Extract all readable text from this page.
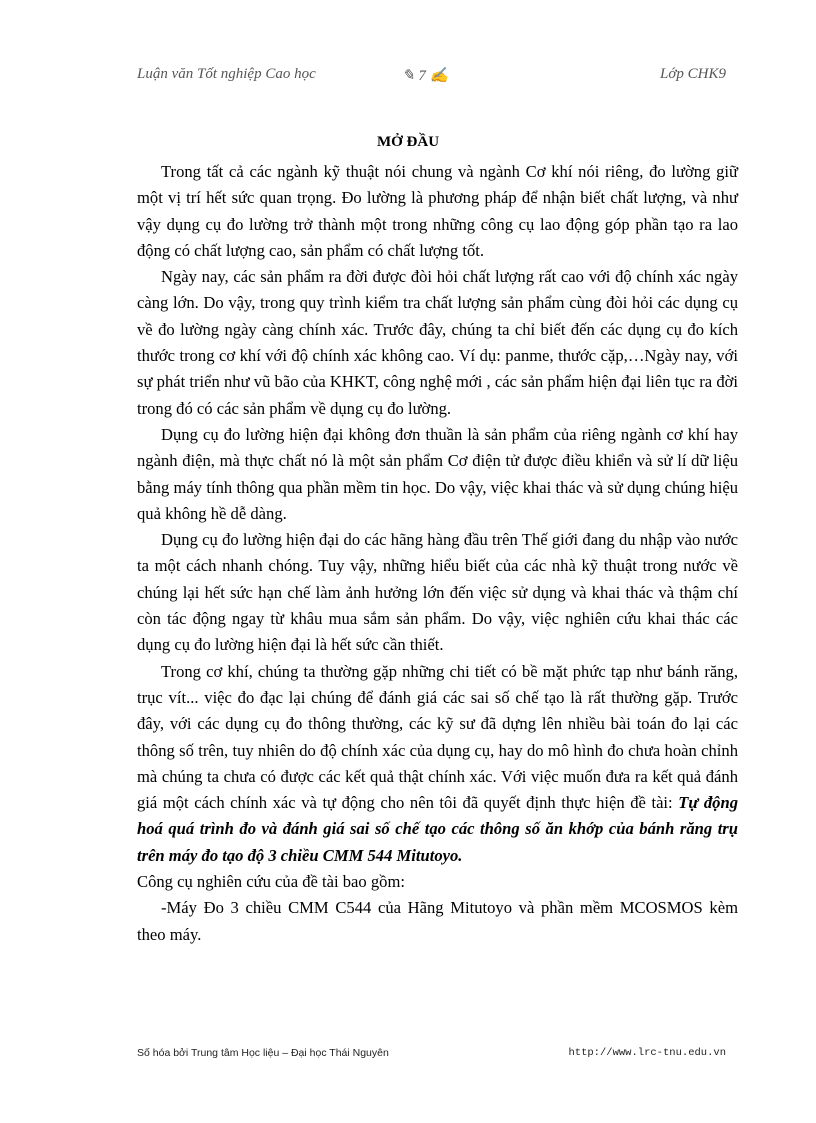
Luận văn Tốt nghiệp Cao học	✎ 7 ✍	Lớp CHK9
MỞ ĐẦU

Trong tất cả các ngành kỹ thuật nói chung và ngành Cơ khí nói riêng, đo lường giữ một vị trí hết sức quan trọng. Đo lường là phương pháp để nhận biết chất lượng, và như vậy dụng cụ đo lường trở thành một trong những công cụ lao động góp phần tạo ra lao động có chất lượng cao, sản phẩm có chất lượng tốt.

Ngày nay, các sản phẩm ra đời được đòi hỏi chất lượng rất cao với độ chính xác ngày càng lớn. Do vậy, trong quy trình kiểm tra chất lượng sản phẩm cùng đòi hỏi các dụng cụ về đo lường ngày càng chính xác. Trước đây, chúng ta chỉ biết đến các dụng cụ đo kích thước trong cơ khí với độ chính xác không cao. Ví dụ: panme, thước cặp,…Ngày nay, với sự phát triển như vũ bão của KHKT, công nghệ mới , các sản phẩm hiện đại liên tục ra đời trong đó có các sản phẩm về dụng cụ đo lường.

Dụng cụ đo lường hiện đại không đơn thuần là sản phẩm của riêng ngành cơ khí hay ngành điện, mà thực chất nó là một sản phẩm Cơ điện tử được điều khiển và sử lí dữ liệu bằng máy tính thông qua phần mềm tin học. Do vậy, việc khai thác và sử dụng chúng hiệu quả không hề dễ dàng.

Dụng cụ đo lường hiện đại do các hãng hàng đầu trên Thế giới đang du nhập vào nước ta một cách nhanh chóng. Tuy vậy, những hiểu biết của các nhà kỹ thuật trong nước về chúng lại hết sức hạn chế làm ảnh hưởng lớn đến việc sử dụng và khai thác và thậm chí còn tác động ngay từ khâu mua sắm sản phẩm. Do vậy, việc nghiên cứu khai thác các dụng cụ đo lường hiện đại là hết sức cần thiết.

Trong cơ khí, chúng ta thường gặp những chi tiết có bề mặt phức tạp như bánh răng, trục vít... việc đo đạc lại chúng để đánh giá các sai số chế tạo là rất thường gặp. Trước đây, với các dụng cụ đo thông thường, các kỹ sư đã dựng lên nhiều bài toán đo lại các thông số trên, tuy nhiên do độ chính xác của dụng cụ, hay do mô hình đo chưa hoàn chỉnh mà chúng ta chưa có được các kết quả thật chính xác. Với việc muốn đưa ra kết quả đánh giá một cách chính xác và tự động cho nên tôi đã quyết định thực hiện đề tài: Tự động hoá quá trình đo và đánh giá sai số chế tạo các thông số ăn khớp của bánh răng trụ trên máy đo tạo độ 3 chiều CMM 544 Mitutoyo.

Công cụ nghiên cứu của đề tài bao gồm:

-Máy Đo 3 chiều CMM C544 của Hãng Mitutoyo và phần mềm MCOSMOS kèm theo máy.

Số hóa bởi Trung tâm Học liệu – Đại học Thái Nguyên	http://www.lrc-tnu.edu.vn
